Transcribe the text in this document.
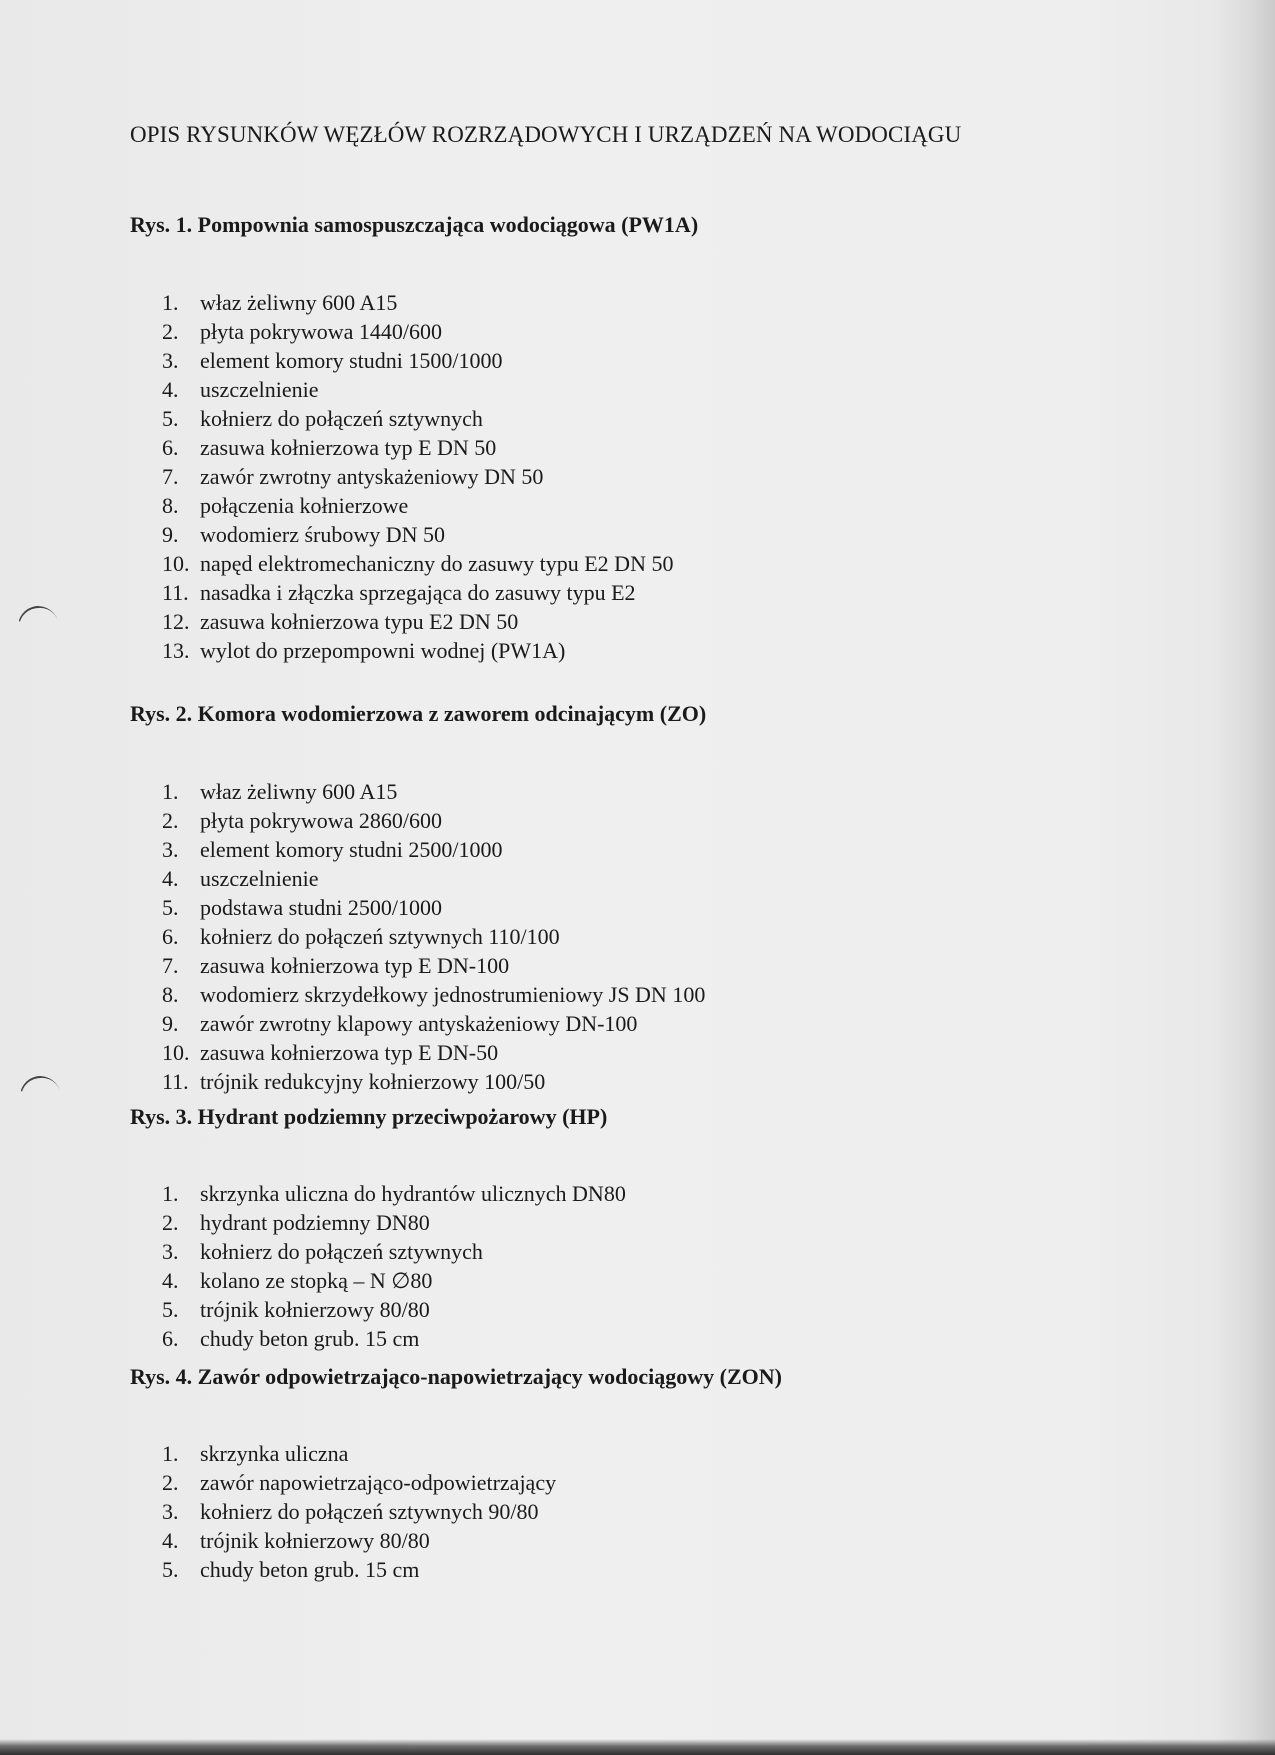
OPIS RYSUNKÓW WĘZŁÓW ROZRZĄDOWYCH I URZĄDZEŃ NA WODOCIĄGU
Rys. 1. Pompownia samospuszczająca wodociągowa (PW1A)
1. właz żeliwny 600 A15
2. płyta pokrywowa 1440/600
3. element komory studni 1500/1000
4. uszczelnienie
5. kołnierz do połączeń sztywnych
6. zasuwa kołnierzowa typ E DN 50
7. zawór zwrotny antyskażeniowy DN 50
8. połączenia kołnierzowe
9. wodomierz śrubowy DN 50
10. napęd elektromechaniczny do zasuwy typu E2 DN 50
11. nasadka i złączka sprzegająca do zasuwy typu E2
12. zasuwa kołnierzowa typu E2 DN 50
13. wylot do przepompowni wodnej (PW1A)
Rys. 2. Komora wodomierzowa z zaworem odcinającym (ZO)
1. właz żeliwny 600 A15
2. płyta pokrywowa 2860/600
3. element komory studni 2500/1000
4. uszczelnienie
5. podstawa studni 2500/1000
6. kołnierz do połączeń sztywnych 110/100
7. zasuwa kołnierzowa typ E DN-100
8. wodomierz skrzydełkowy jednostrumieniowy JS DN 100
9. zawór zwrotny klapowy antyskażeniowy DN-100
10. zasuwa kołnierzowa typ E DN-50
11. trójnik redukcyjny kołnierzowy 100/50
Rys. 3. Hydrant podziemny przeciwpożarowy (HP)
1. skrzynka uliczna do hydrantów ulicznych DN80
2. hydrant podziemny DN80
3. kołnierz do połączeń sztywnych
4. kolano ze stopką – N ∅80
5. trójnik kołnierzowy 80/80
6. chudy beton grub. 15 cm
Rys. 4. Zawór odpowietrzająco-napowietrzający wodociągowy (ZON)
1. skrzynka uliczna
2. zawór napowietrzająco-odpowietrzający
3. kołnierz do połączeń sztywnych 90/80
4. trójnik kołnierzowy 80/80
5. chudy beton grub. 15 cm
